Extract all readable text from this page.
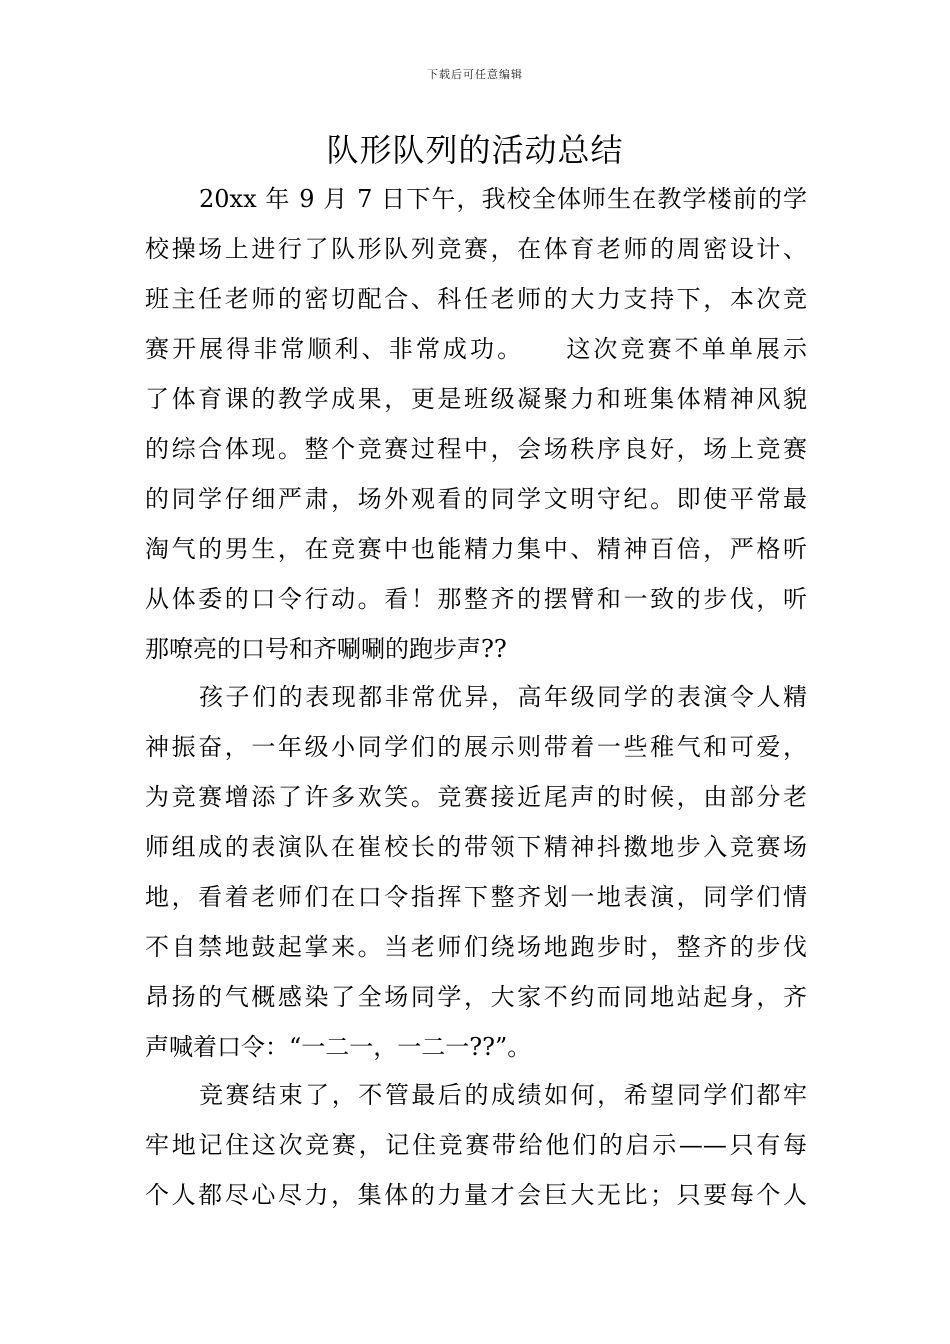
下载后可任意编辑
队形队列的活动总结
20xx 年 9 月 7 日下午，我校全体师生在教学楼前的学
校操场上进行了队形队列竞赛，在体育老师的周密设计、
班主任老师的密切配合、科任老师的大力支持下，本次竞
赛开展得非常顺利、非常成功。　　这次竞赛不单单展示
了体育课的教学成果，更是班级凝聚力和班集体精神风貌
的综合体现。整个竞赛过程中，会场秩序良好，场上竞赛
的同学仔细严肃，场外观看的同学文明守纪。即使平常最
淘气的男生，在竞赛中也能精力集中、精神百倍，严格听
从体委的口令行动。看！那整齐的摆臂和一致的步伐，听
那嘹亮的口号和齐唰唰的跑步声??
孩子们的表现都非常优异，高年级同学的表演令人精
神振奋，一年级小同学们的展示则带着一些稚气和可爱，
为竞赛增添了许多欢笑。竞赛接近尾声的时候，由部分老
师组成的表演队在崔校长的带领下精神抖擞地步入竞赛场
地，看着老师们在口令指挥下整齐划一地表演，同学们情
不自禁地鼓起掌来。当老师们绕场地跑步时，整齐的步伐
昂扬的气概感染了全场同学，大家不约而同地站起身，齐
声喊着口令：“一二一，一二一??”。
竞赛结束了，不管最后的成绩如何，希望同学们都牢
牢地记住这次竞赛，记住竞赛带给他们的启示——只有每
个人都尽心尽力，集体的力量才会巨大无比；只要每个人
